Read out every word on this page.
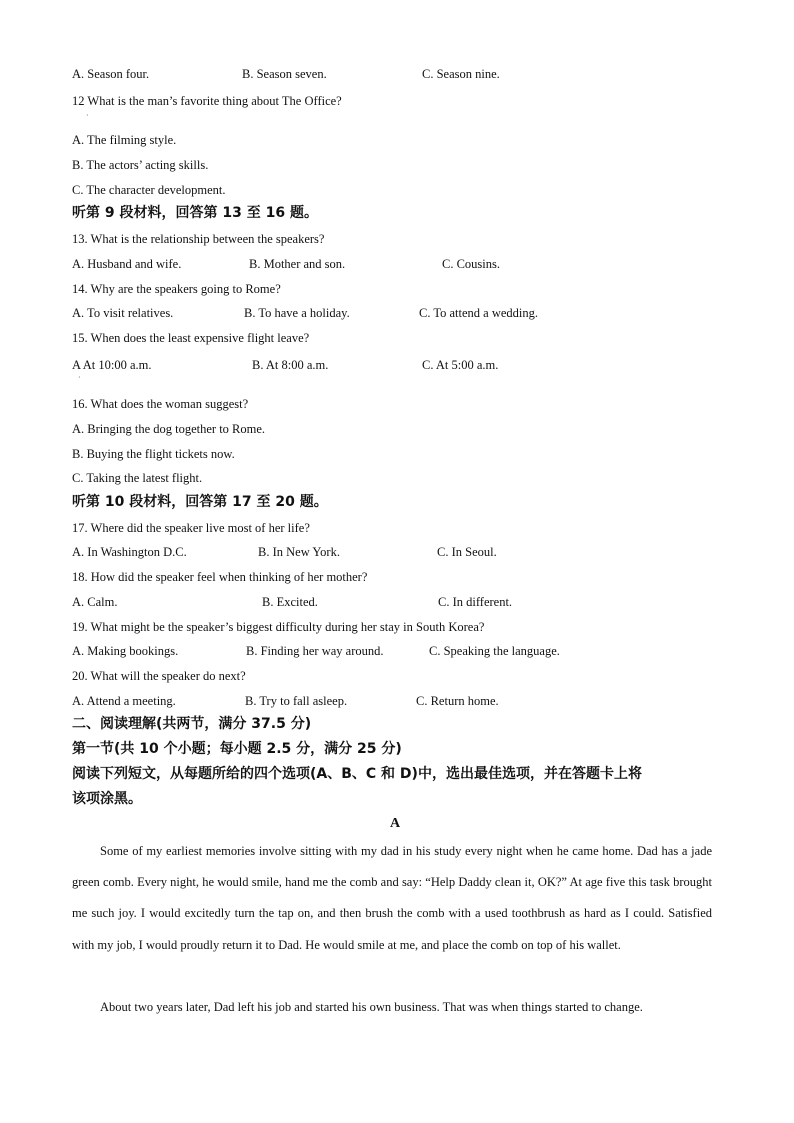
A. Season four.	B. Season seven.	C. Season nine.
12 What is the man’s favorite thing about The Office?
·
A. The filming style.
B. The actors’ acting skills.
C. The character development.
听第 9 段材料，回答第 13 至 16 题。
13. What is the relationship between the speakers?
A. Husband and wife.	B. Mother and son.	C. Cousins.
14. Why are the speakers going to Rome?
A. To visit relatives.	B. To have a holiday.	C. To attend a wedding.
15. When does the least expensive flight leave?
A At 10:00 a.m.
·
B. At 8:00 a.m.	C. At 5:00 a.m.
16. What does the woman suggest?
A. Bringing the dog together to Rome.
B. Buying the flight tickets now.
C. Taking the latest flight.
听第 10 段材料，回答第 17 至 20 题。
17. Where did the speaker live most of her life?
A. In Washington D.C.	B. In New York.	C. In Seoul.
18. How did the speaker feel when thinking of her mother?
A. Calm.	B. Excited.	C. In different.
19. What might be the speaker’s biggest difficulty during her stay in South Korea?
A. Making bookings.	B. Finding her way around.	C. Speaking the language.
20. What will the speaker do next?
A. Attend a meeting.	B. Try to fall asleep.	C. Return home.
二、阅读理解(共两节，满分 37.5 分)
第一节(共 10 个小题；每小题 2.5 分，满分 25 分)
阅读下列短文，从每题所给的四个选项(A、B、C 和 D)中，选出最佳选项，并在答题卡上将
该项涂黑。
A
Some of my earliest memories involve sitting with my dad in his study every night when he came home. Dad has a jade green comb. Every night, he would smile, hand me the comb and say: “Help Daddy clean it, OK?” At age five this task brought me such joy. I would excitedly turn the tap on, and then brush the comb with a used toothbrush as hard as I could. Satisfied with my job, I would proudly return it to Dad. He would smile at me, and place the comb on top of his wallet.
About two years later, Dad left his job and started his own business. That was when things started to change.
